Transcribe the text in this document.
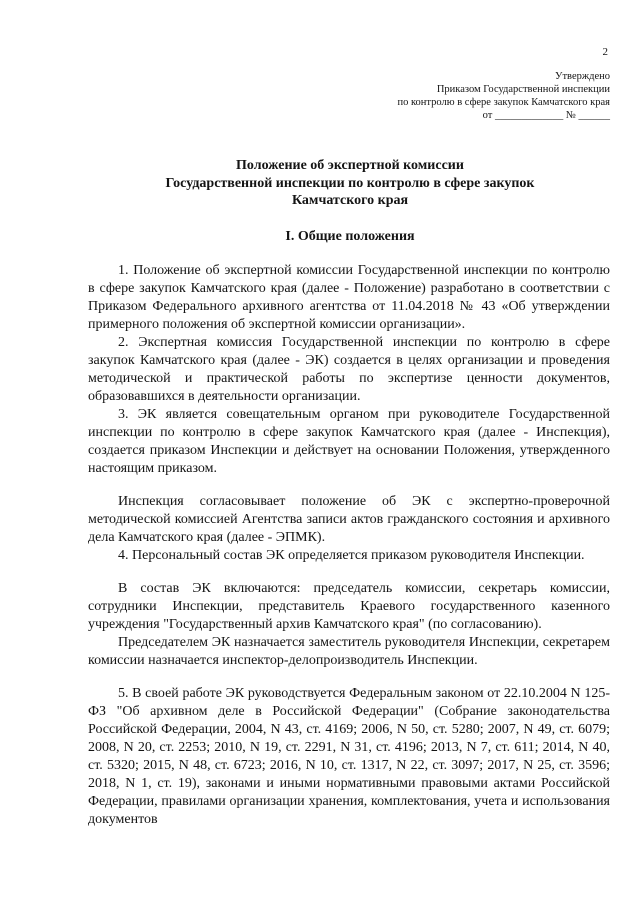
2
Утверждено
Приказом Государственной инспекции
по контролю в сфере закупок Камчатского края
от _____________ № ______
Положение об экспертной комиссии
Государственной инспекции по контролю в сфере закупок
Камчатского края
I. Общие положения

1. Положение об экспертной комиссии Государственной инспекции по контролю в сфере закупок Камчатского края (далее - Положение) разработано в соответствии с Приказом Федерального архивного агентства от 11.04.2018 № 43 «Об утверждении примерного положения об экспертной комиссии организации».

2. Экспертная комиссия Государственной инспекции по контролю в сфере закупок Камчатского края (далее - ЭК) создается в целях организации и проведения методической и практической работы по экспертизе ценности документов, образовавшихся в деятельности организации.

3. ЭК является совещательным органом при руководителе Государственной инспекции по контролю в сфере закупок Камчатского края (далее - Инспекция), создается приказом Инспекции и действует на основании Положения, утвержденного настоящим приказом.

Инспекция согласовывает положение об ЭК с экспертно-проверочной методической комиссией Агентства записи актов гражданского состояния и архивного дела Камчатского края (далее - ЭПМК).

4. Персональный состав ЭК определяется приказом руководителя Инспекции.

В состав ЭК включаются: председатель комиссии, секретарь комиссии, сотрудники Инспекции, представитель Краевого государственного казенного учреждения "Государственный архив Камчатского края" (по согласованию).

Председателем ЭК назначается заместитель руководителя Инспекции, секретарем комиссии назначается инспектор-делопроизводитель Инспекции.

5. В своей работе ЭК руководствуется Федеральным законом от 22.10.2004 N 125-ФЗ "Об архивном деле в Российской Федерации" (Собрание законодательства Российской Федерации, 2004, N 43, ст. 4169; 2006, N 50, ст. 5280; 2007, N 49, ст. 6079; 2008, N 20, ст. 2253; 2010, N 19, ст. 2291, N 31, ст. 4196; 2013, N 7, ст. 611; 2014, N 40, ст. 5320; 2015, N 48, ст. 6723; 2016, N 10, ст. 1317, N 22, ст. 3097; 2017, N 25, ст. 3596; 2018, N 1, ст. 19), законами и иными нормативными правовыми актами Российской Федерации, правилами организации хранения, комплектования, учета и использования документов
